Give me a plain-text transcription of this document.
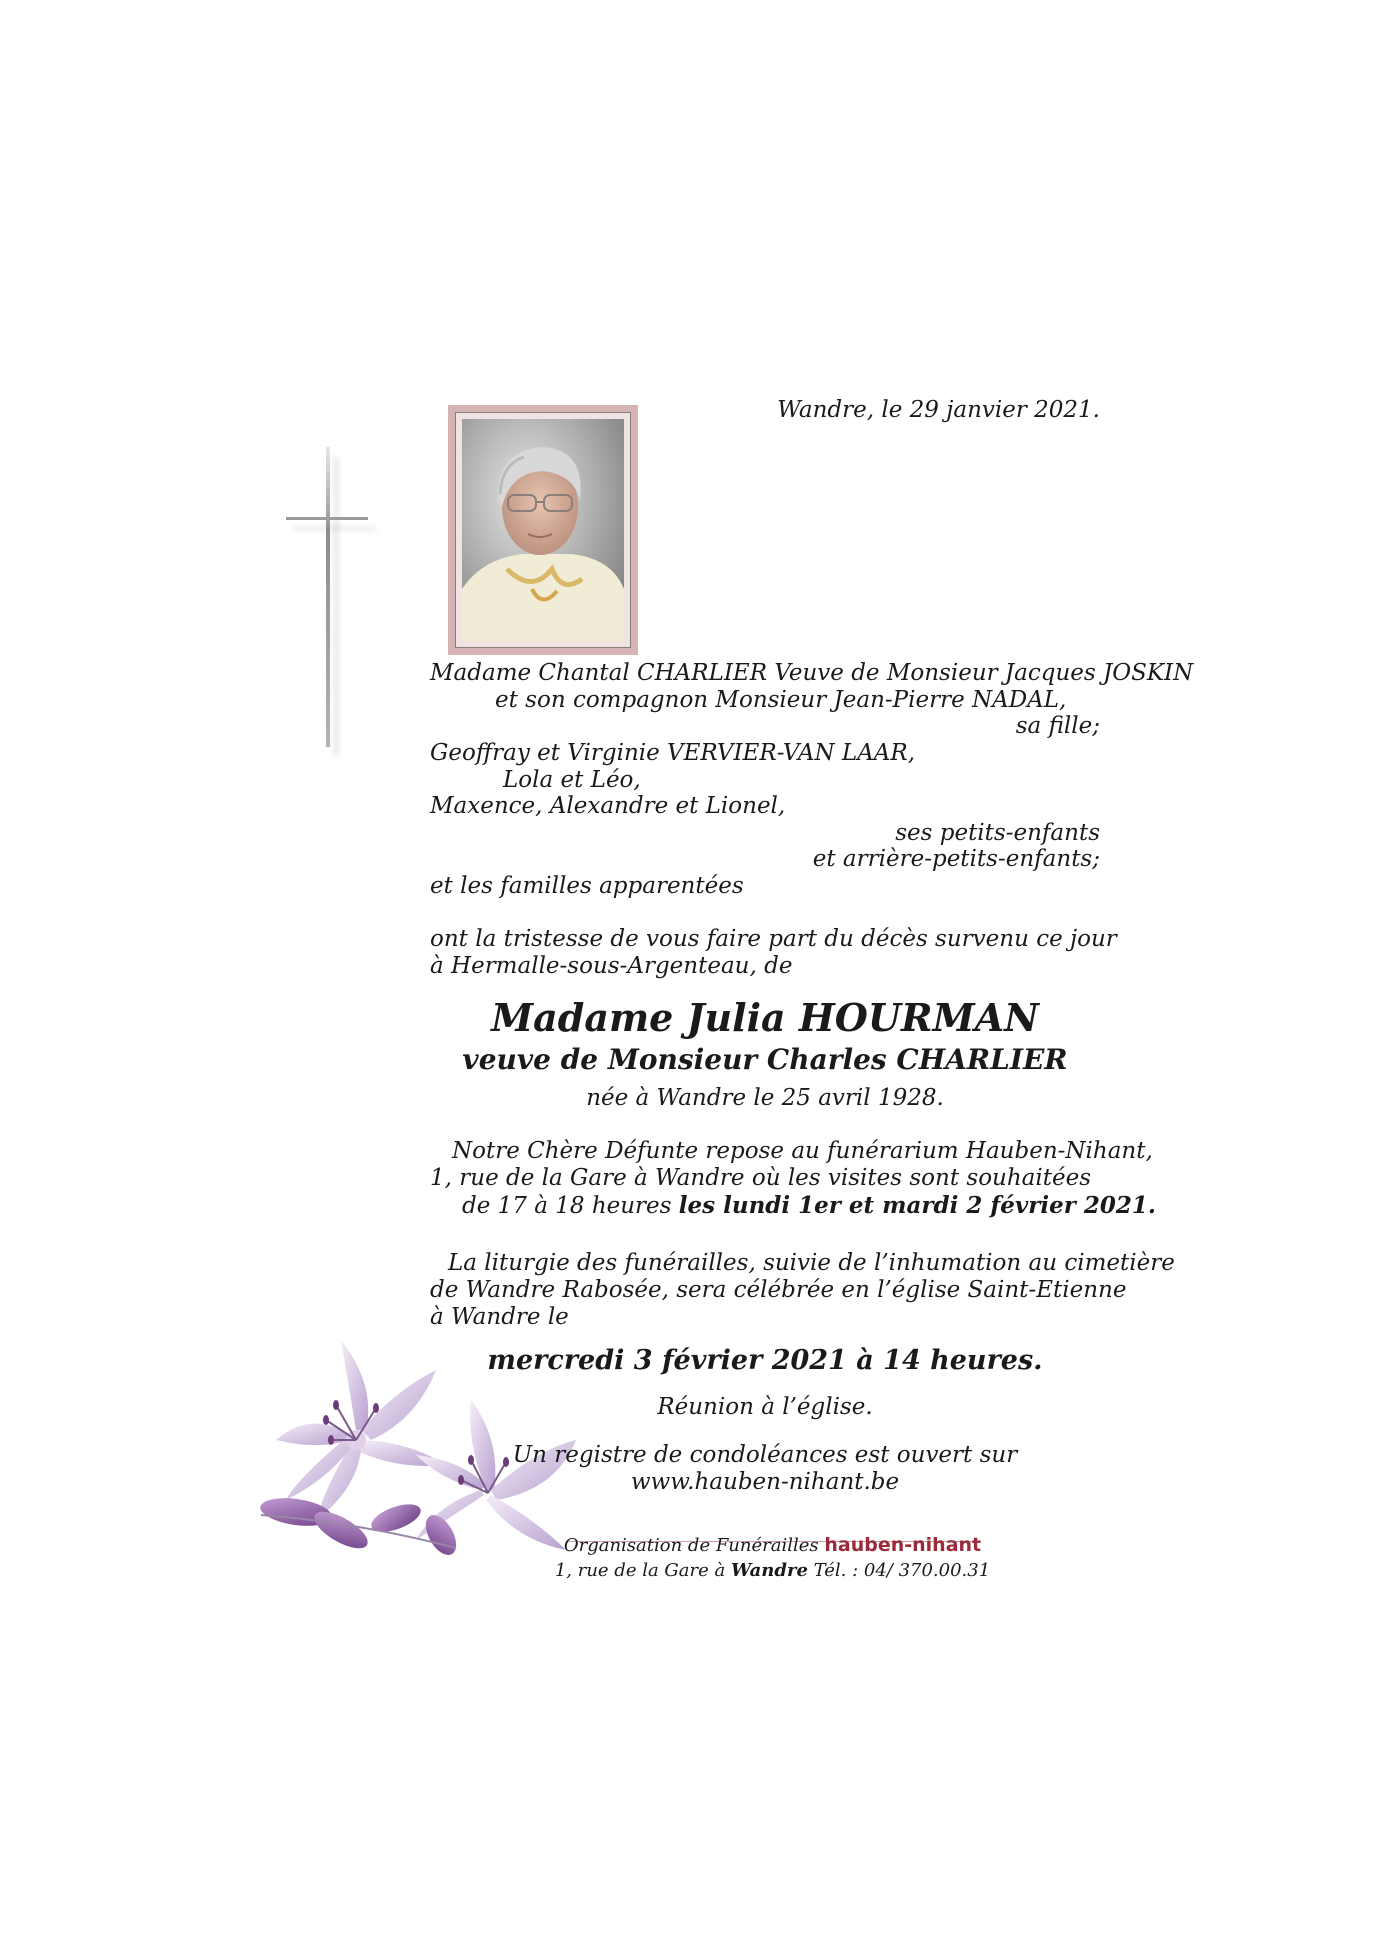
Wandre, le 29 janvier 2021.
Madame Chantal CHARLIER Veuve de Monsieur Jacques JOSKIN
et son compagnon Monsieur Jean-Pierre NADAL,
sa fille;
Geoffray et Virginie VERVIER-VAN LAAR,
Lola et Léo,
Maxence, Alexandre et Lionel,
ses petits-enfants
et arrière-petits-enfants;
et les familles apparentées
ont la tristesse de vous faire part du décès survenu ce jour
à Hermalle-sous-Argenteau, de
Madame Julia HOURMAN
veuve de Monsieur Charles CHARLIER
née à Wandre le 25 avril 1928.
Notre Chère Défunte repose au funérarium Hauben-Nihant,
1, rue de la Gare à Wandre où les visites sont souhaitées
de 17 à 18 heures les lundi 1er et mardi 2 février 2021.
La liturgie des funérailles, suivie de l’inhumation au cimetière
de Wandre Rabosée, sera célébrée en l’église Saint-Etienne
à Wandre le
mercredi 3 février 2021 à 14 heures.
Réunion à l’église.
Un registre de condoléances est ouvert sur
www.hauben-nihant.be
Organisation de Funérailles hauben-nihant
1, rue de la Gare à Wandre Tél. : 04/ 370.00.31
